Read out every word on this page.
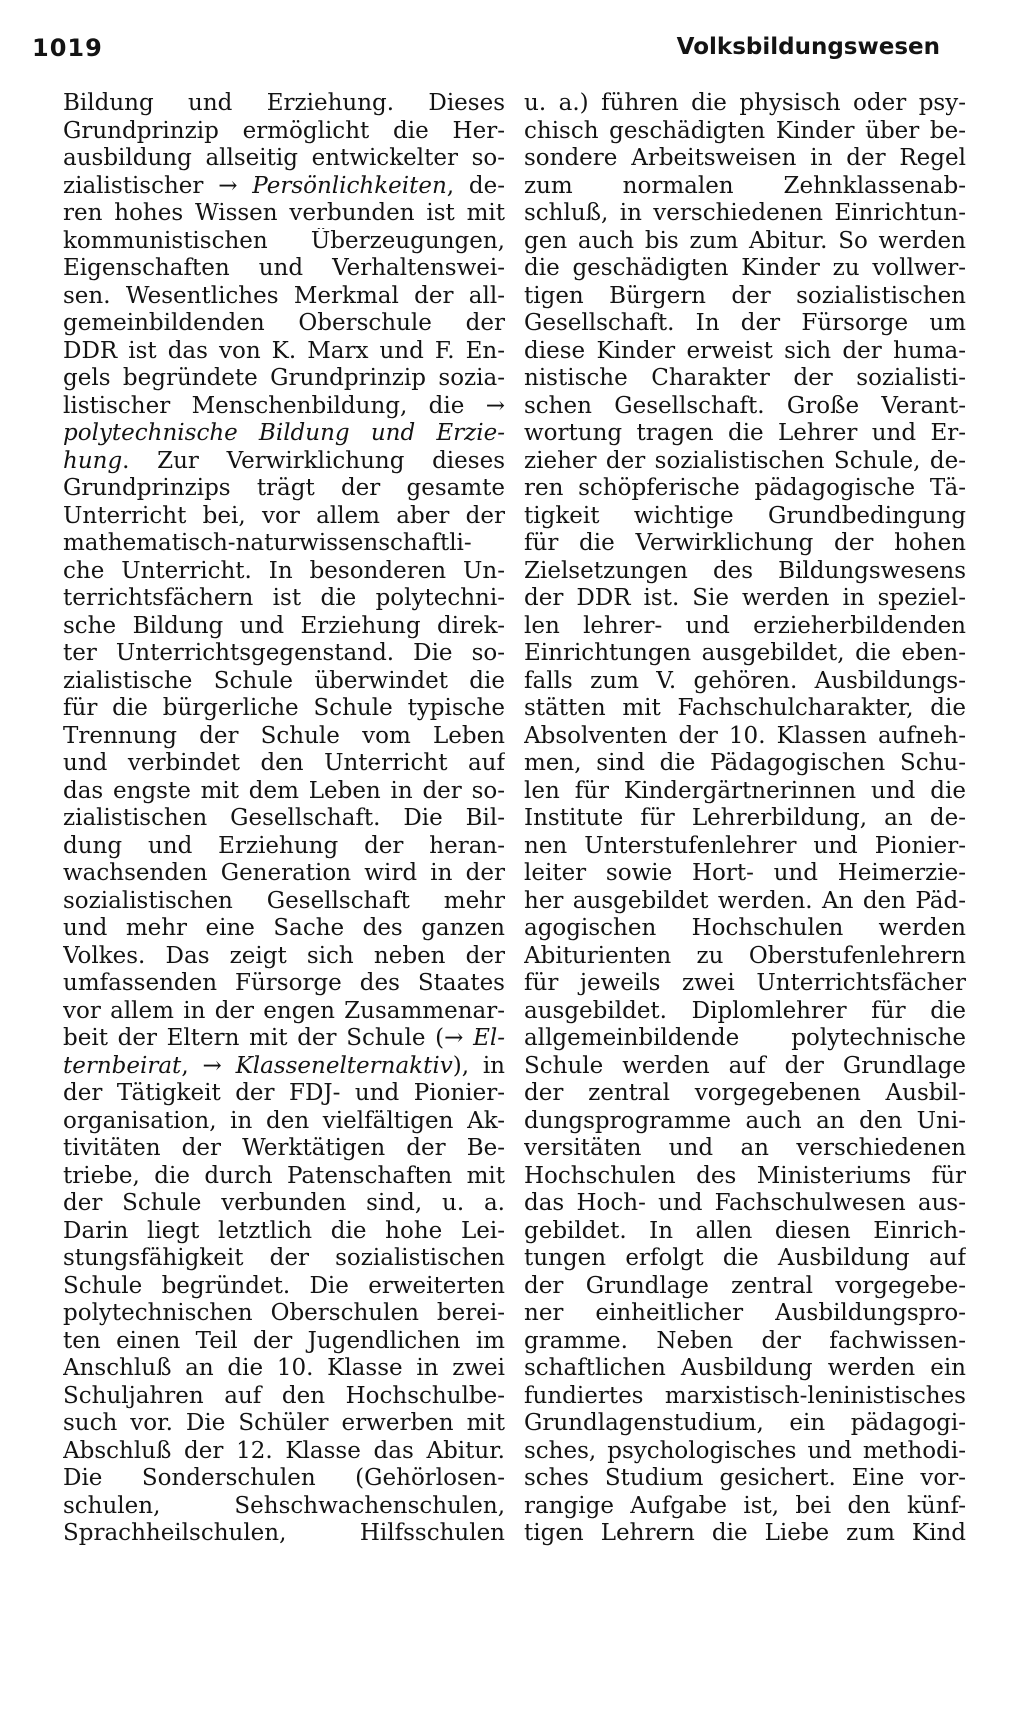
1019	Volksbildungswesen
Bildung und Erziehung. Dieses
Grundprinzip ermöglicht die Her-
ausbildung allseitig entwickelter so-
zialistischer → Persönlichkeiten, de-
ren hohes Wissen verbunden ist mit
kommunistischen Überzeugungen,
Eigenschaften und Verhaltenswei-
sen. Wesentliches Merkmal der all-
gemeinbildenden Oberschule der
DDR ist das von K. Marx und F. En-
gels begründete Grundprinzip sozia-
listischer Menschenbildung, die →
polytechnische Bildung und Erzie-
hung. Zur Verwirklichung dieses
Grundprinzips trägt der gesamte
Unterricht bei, vor allem aber der
mathematisch-naturwissenschaftli-
che Unterricht. In besonderen Un-
terrichtsfächern ist die polytechni-
sche Bildung und Erziehung direk-
ter Unterrichtsgegenstand. Die so-
zialistische Schule überwindet die
für die bürgerliche Schule typische
Trennung der Schule vom Leben
und verbindet den Unterricht auf
das engste mit dem Leben in der so-
zialistischen Gesellschaft. Die Bil-
dung und Erziehung der heran-
wachsenden Generation wird in der
sozialistischen Gesellschaft mehr
und mehr eine Sache des ganzen
Volkes. Das zeigt sich neben der
umfassenden Fürsorge des Staates
vor allem in der engen Zusammenar-
beit der Eltern mit der Schule (→ El-
ternbeirat, → Klassenelternaktiv), in
der Tätigkeit der FDJ- und Pionier-
organisation, in den vielfältigen Ak-
tivitäten der Werktätigen der Be-
triebe, die durch Patenschaften mit
der Schule verbunden sind, u. a.
Darin liegt letztlich die hohe Lei-
stungsfähigkeit der sozialistischen
Schule begründet. Die erweiterten
polytechnischen Oberschulen berei-
ten einen Teil der Jugendlichen im
Anschluß an die 10. Klasse in zwei
Schuljahren auf den Hochschulbe-
such vor. Die Schüler erwerben mit
Abschluß der 12. Klasse das Abitur.
Die Sonderschulen (Gehörlosen-
schulen, Sehschwachenschulen,
Sprachheilschulen, Hilfsschulen
u. a.) führen die physisch oder psy-
chisch geschädigten Kinder über be-
sondere Arbeitsweisen in der Regel
zum normalen Zehnklassenab-
schluß, in verschiedenen Einrichtun-
gen auch bis zum Abitur. So werden
die geschädigten Kinder zu vollwer-
tigen Bürgern der sozialistischen
Gesellschaft. In der Fürsorge um
diese Kinder erweist sich der huma-
nistische Charakter der sozialisti-
schen Gesellschaft. Große Verant-
wortung tragen die Lehrer und Er-
zieher der sozialistischen Schule, de-
ren schöpferische pädagogische Tä-
tigkeit wichtige Grundbedingung
für die Verwirklichung der hohen
Zielsetzungen des Bildungswesens
der DDR ist. Sie werden in speziel-
len lehrer- und erzieherbildenden
Einrichtungen ausgebildet, die eben-
falls zum V. gehören. Ausbildungs-
stätten mit Fachschulcharakter, die
Absolventen der 10. Klassen aufneh-
men, sind die Pädagogischen Schu-
len für Kindergärtnerinnen und die
Institute für Lehrerbildung, an de-
nen Unterstufenlehrer und Pionier-
leiter sowie Hort- und Heimerzie-
her ausgebildet werden. An den Päd-
agogischen Hochschulen werden
Abiturienten zu Oberstufenlehrern
für jeweils zwei Unterrichtsfächer
ausgebildet. Diplomlehrer für die
allgemeinbildende polytechnische
Schule werden auf der Grundlage
der zentral vorgegebenen Ausbil-
dungsprogramme auch an den Uni-
versitäten und an verschiedenen
Hochschulen des Ministeriums für
das Hoch- und Fachschulwesen aus-
gebildet. In allen diesen Einrich-
tungen erfolgt die Ausbildung auf
der Grundlage zentral vorgegebe-
ner einheitlicher Ausbildungspro-
gramme. Neben der fachwissen-
schaftlichen Ausbildung werden ein
fundiertes marxistisch-leninistisches
Grundlagenstudium, ein pädagogi-
sches, psychologisches und methodi-
sches Studium gesichert. Eine vor-
rangige Aufgabe ist, bei den künf-
tigen Lehrern die Liebe zum Kind
